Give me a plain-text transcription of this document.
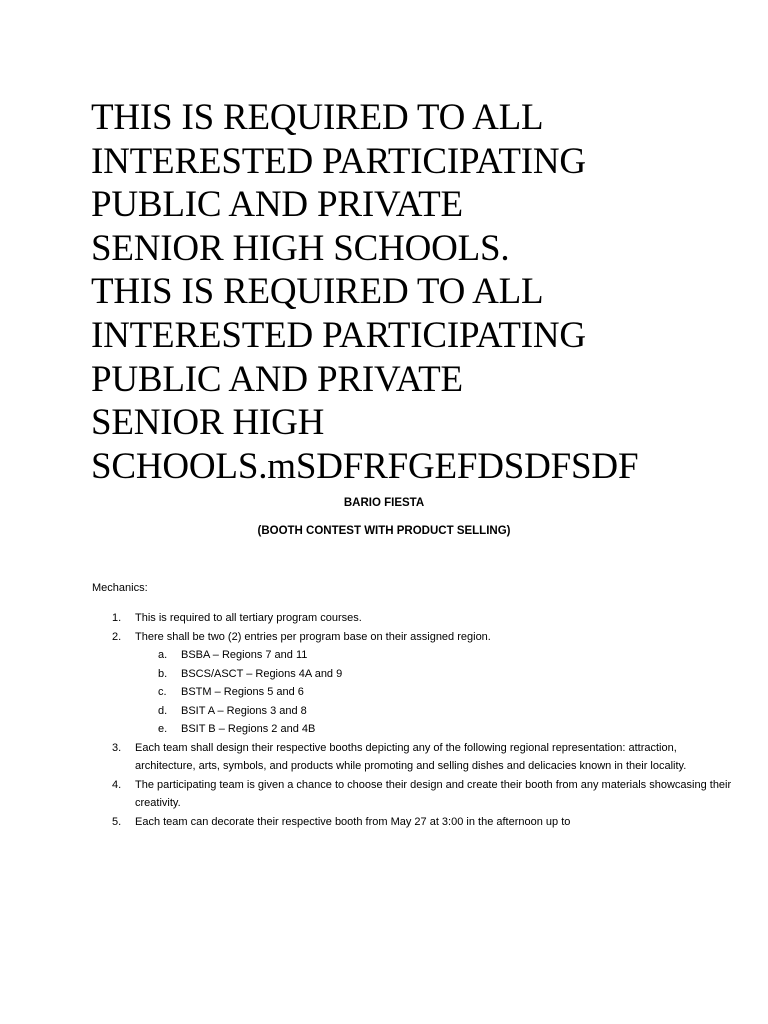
THIS IS REQUIRED TO ALL
INTERESTED PARTICIPATING
PUBLIC AND PRIVATE
SENIOR HIGH SCHOOLS.
THIS IS REQUIRED TO ALL
INTERESTED PARTICIPATING
PUBLIC AND PRIVATE
SENIOR HIGH
SCHOOLS.mSDFRFGEFDSDFSDF
BARIO FIESTA
(BOOTH CONTEST WITH PRODUCT SELLING)
Mechanics:
1. This is required to all tertiary program courses.
2. There shall be two (2) entries per program base on their assigned region.
a. BSBA – Regions 7 and 11
b. BSCS/ASCT – Regions 4A and 9
c. BSTM – Regions 5 and 6
d. BSIT A – Regions 3 and 8
e. BSIT B – Regions 2 and 4B
3. Each team shall design their respective booths depicting any of the following regional representation: attraction, architecture, arts, symbols, and products while promoting and selling dishes and delicacies known in their locality.
4. The participating team is given a chance to choose their design and create their booth from any materials showcasing their creativity.
5. Each team can decorate their respective booth from May 27 at 3:00 in the afternoon up to
